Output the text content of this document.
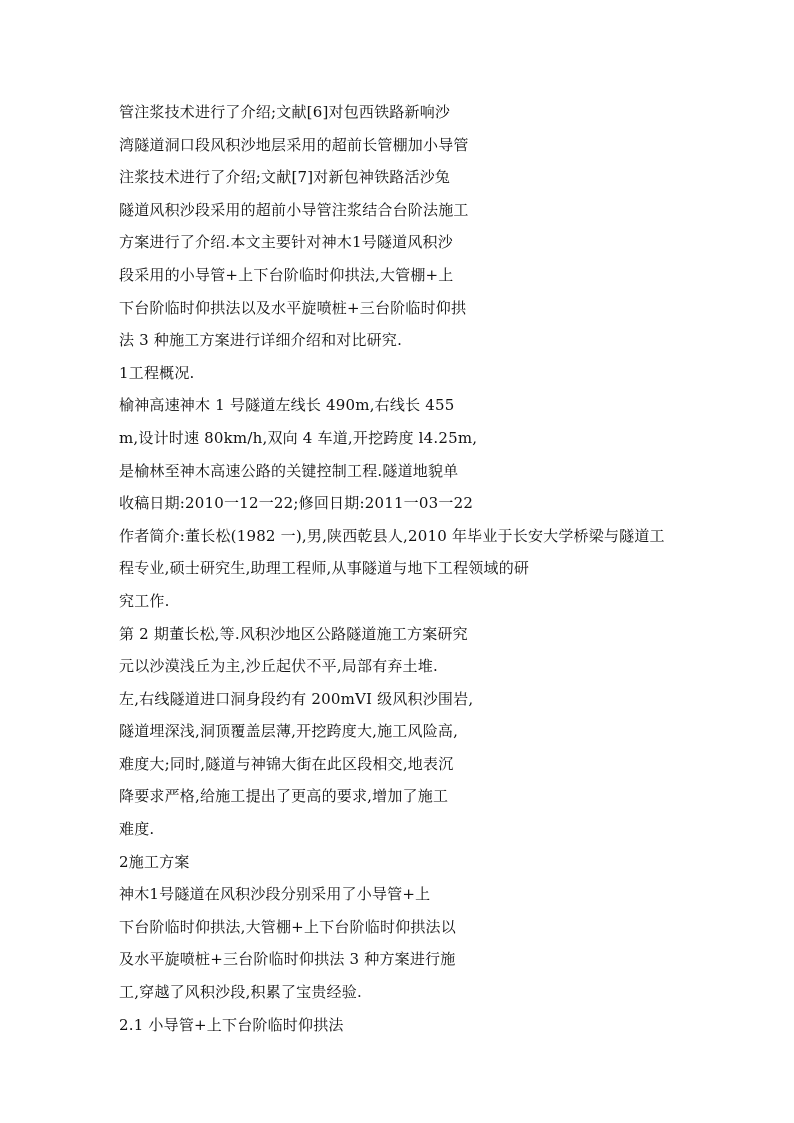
管注浆技术进行了介绍;文献[6]对包西铁路新响沙
湾隧道洞口段风积沙地层采用的超前长管棚加小导管
注浆技术进行了介绍;文献[7]对新包神铁路活沙兔
隧道风积沙段采用的超前小导管注浆结合台阶法施工
方案进行了介绍.本文主要针对神木1号隧道风积沙
段采用的小导管+上下台阶临时仰拱法,大管棚+上
下台阶临时仰拱法以及水平旋喷桩+三台阶临时仰拱
法 3 种施工方案进行详细介绍和对比研究.
1工程概况.
榆神高速神木 1 号隧道左线长 490m,右线长 455
m,设计时速 80km/h,双向 4 车道,开挖跨度 l4.25m,
是榆林至神木高速公路的关键控制工程.隧道地貌单
收稿日期:2010一12一22;修回日期:2011一03一22
作者简介:董长松(1982 一),男,陕西乾县人,2010 年毕业于长安大学桥梁与隧道工
程专业,硕士研究生,助理工程师,从事隧道与地下工程领域的研
究工作.
第 2 期董长松,等.风积沙地区公路隧道施工方案研究
元以沙漠浅丘为主,沙丘起伏不平,局部有弃土堆.
左,右线隧道进口洞身段约有 200mVI 级风积沙围岩,
隧道埋深浅,洞顶覆盖层薄,开挖跨度大,施工风险高,
难度大;同时,隧道与神锦大街在此区段相交,地表沉
降要求严格,给施工提出了更高的要求,增加了施工
难度.
2施工方案
神木1号隧道在风积沙段分别采用了小导管+上
下台阶临时仰拱法,大管棚+上下台阶临时仰拱法以
及水平旋喷桩+三台阶临时仰拱法 3 种方案进行施
工,穿越了风积沙段,积累了宝贵经验.
2.1 小导管+上下台阶临时仰拱法
